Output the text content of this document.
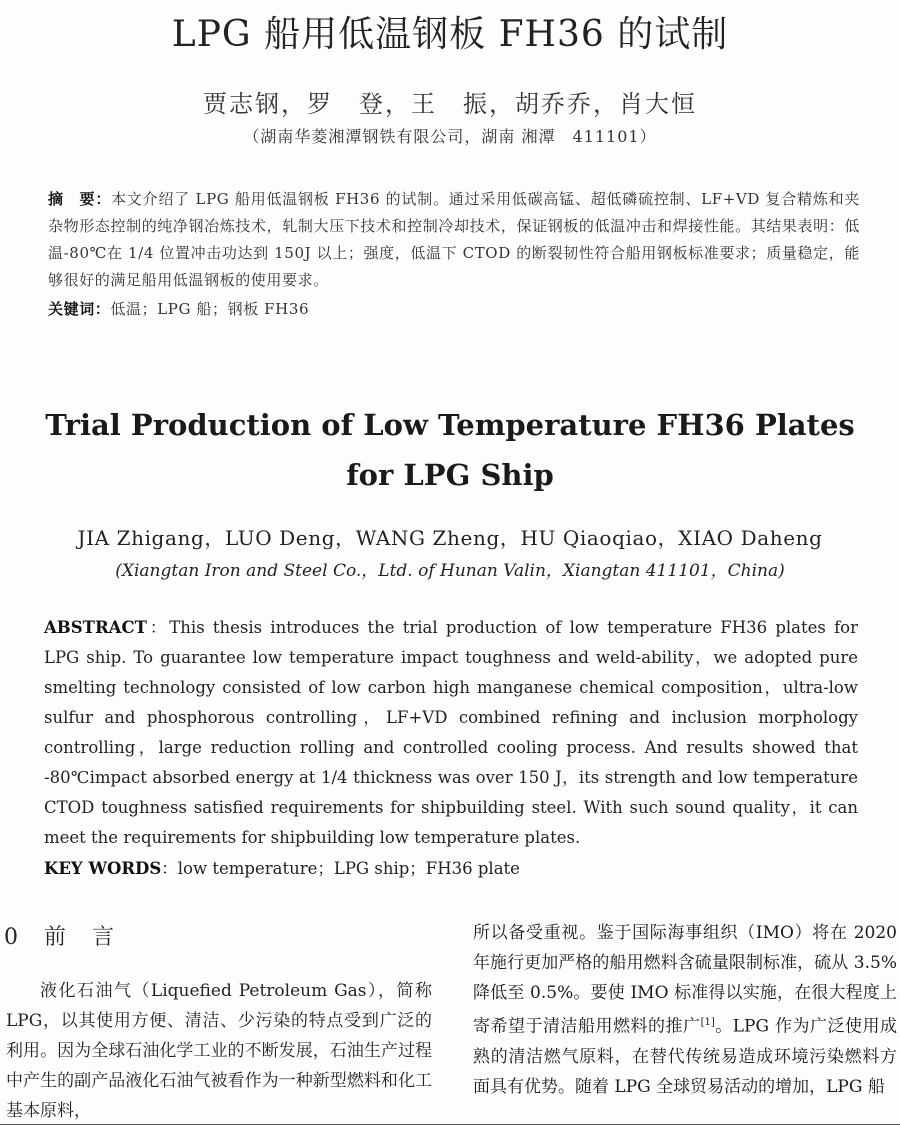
LPG 船用低温钢板 FH36 的试制
贾志钢，罗　登，王　振，胡乔乔，肖大恒
（湖南华菱湘潭钢铁有限公司，湖南 湘潭　411101）
摘　要：本文介绍了 LPG 船用低温钢板 FH36 的试制。通过采用低碳高锰、超低磷硫控制、LF+VD 复合精炼和夹杂物形态控制的纯净钢冶炼技术，轧制大压下技术和控制冷却技术，保证钢板的低温冲击和焊接性能。其结果表明：低温-80℃在 1/4 位置冲击功达到 150J 以上；强度，低温下 CTOD 的断裂韧性符合船用钢板标准要求；质量稳定，能够很好的满足船用低温钢板的使用要求。
关键词：低温；LPG 船；钢板 FH36
Trial Production of Low Temperature FH36 Plates
for LPG Ship
JIA Zhigang，LUO Deng，WANG Zheng，HU Qiaoqiao，XIAO Daheng
(Xiangtan Iron and Steel Co.，Ltd. of Hunan Valin，Xiangtan 411101，China)
ABSTRACT：This thesis introduces the trial production of low temperature FH36 plates for LPG ship. To guarantee low temperature impact toughness and weld-ability，we adopted pure smelting technology consisted of low carbon high manganese chemical composition，ultra-low sulfur and phosphorous controlling，LF+VD combined refining and inclusion morphology controlling，large reduction rolling and controlled cooling process. And results showed that -80℃impact absorbed energy at 1/4 thickness was over 150 J，its strength and low temperature CTOD toughness satisfied requirements for shipbuilding steel. With such sound quality，it can meet the requirements for shipbuilding low temperature plates.
KEY WORDS：low temperature；LPG ship；FH36 plate
0　前　言
液化石油气（Liquefied Petroleum Gas），简称 LPG，以其使用方便、清洁、少污染的特点受到广泛的利用。因为全球石油化学工业的不断发展，石油生产过程中产生的副产品液化石油气被看作为一种新型燃料和化工基本原料，
所以备受重视。鉴于国际海事组织（IMO）将在 2020 年施行更加严格的船用燃料含硫量限制标准，硫从 3.5%降低至 0.5%。要使 IMO 标准得以实施，在很大程度上寄希望于清洁船用燃料的推广[1]。LPG 作为广泛使用成熟的清洁燃气原料，在替代传统易造成环境污染燃料方面具有优势。随着 LPG 全球贸易活动的增加，LPG 船
